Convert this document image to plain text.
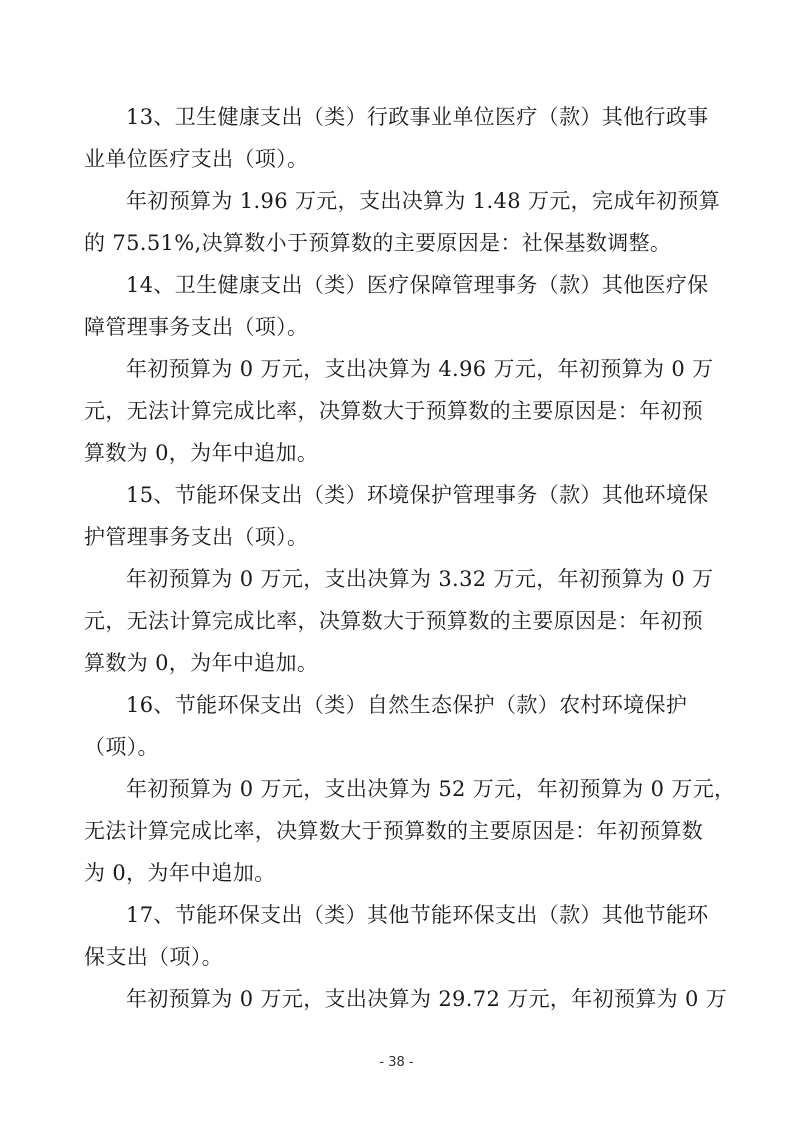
13、卫生健康支出（类）行政事业单位医疗（款）其他行政事
业单位医疗支出（项）。
年初预算为 1.96 万元，支出决算为 1.48 万元，完成年初预算
的 75.51%,决算数小于预算数的主要原因是：社保基数调整。
14、卫生健康支出（类）医疗保障管理事务（款）其他医疗保
障管理事务支出（项）。
年初预算为 0 万元，支出决算为 4.96 万元，年初预算为 0 万
元，无法计算完成比率，决算数大于预算数的主要原因是：年初预
算数为 0，为年中追加。
15、节能环保支出（类）环境保护管理事务（款）其他环境保
护管理事务支出（项）。
年初预算为 0 万元，支出决算为 3.32 万元，年初预算为 0 万
元，无法计算完成比率，决算数大于预算数的主要原因是：年初预
算数为 0，为年中追加。
16、节能环保支出（类）自然生态保护（款）农村环境保护
（项）。
年初预算为 0 万元，支出决算为 52 万元，年初预算为 0 万元，
无法计算完成比率，决算数大于预算数的主要原因是：年初预算数
为 0，为年中追加。
17、节能环保支出（类）其他节能环保支出（款）其他节能环
保支出（项）。
年初预算为 0 万元，支出决算为 29.72 万元，年初预算为 0 万
- 38 -
